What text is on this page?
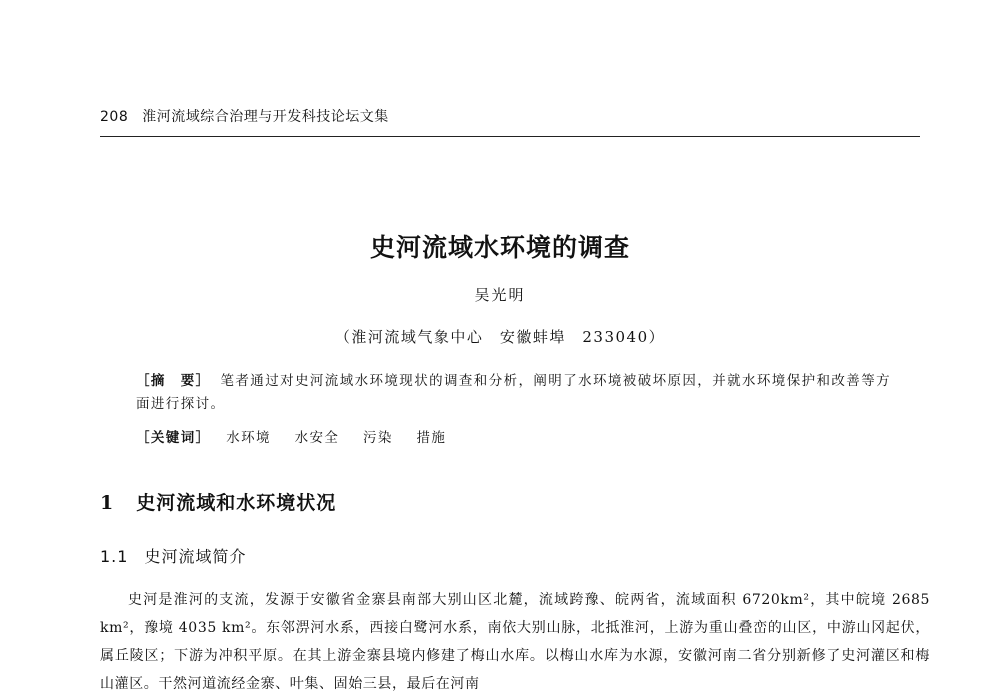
208 淮河流域综合治理与开发科技论坛文集
史河流域水环境的调查
吴光明
（淮河流域气象中心　安徽蚌埠　233040）
［摘　要］ 笔者通过对史河流域水环境现状的调查和分析，阐明了水环境被破坏原因，并就水环境保护和改善等方面进行探讨。
［关键词］ 水环境 水安全 污染 措施
1 史河流域和水环境状况
1.1 史河流域简介

史河是淮河的支流，发源于安徽省金寨县南部大别山区北麓，流域跨豫、皖两省，流域面积 6720km²，其中皖境 2685 km²，豫境 4035 km²。东邻淠河水系，西接白鹭河水系，南依大别山脉，北抵淮河，上游为重山叠峦的山区，中游山冈起伏，属丘陵区；下游为冲积平原。在其上游金寨县境内修建了梅山水库。以梅山水库为水源，安徽河南二省分别新修了史河灌区和梅山灌区。干然河道流经金寨、叶集、固始三县，最后在河南
